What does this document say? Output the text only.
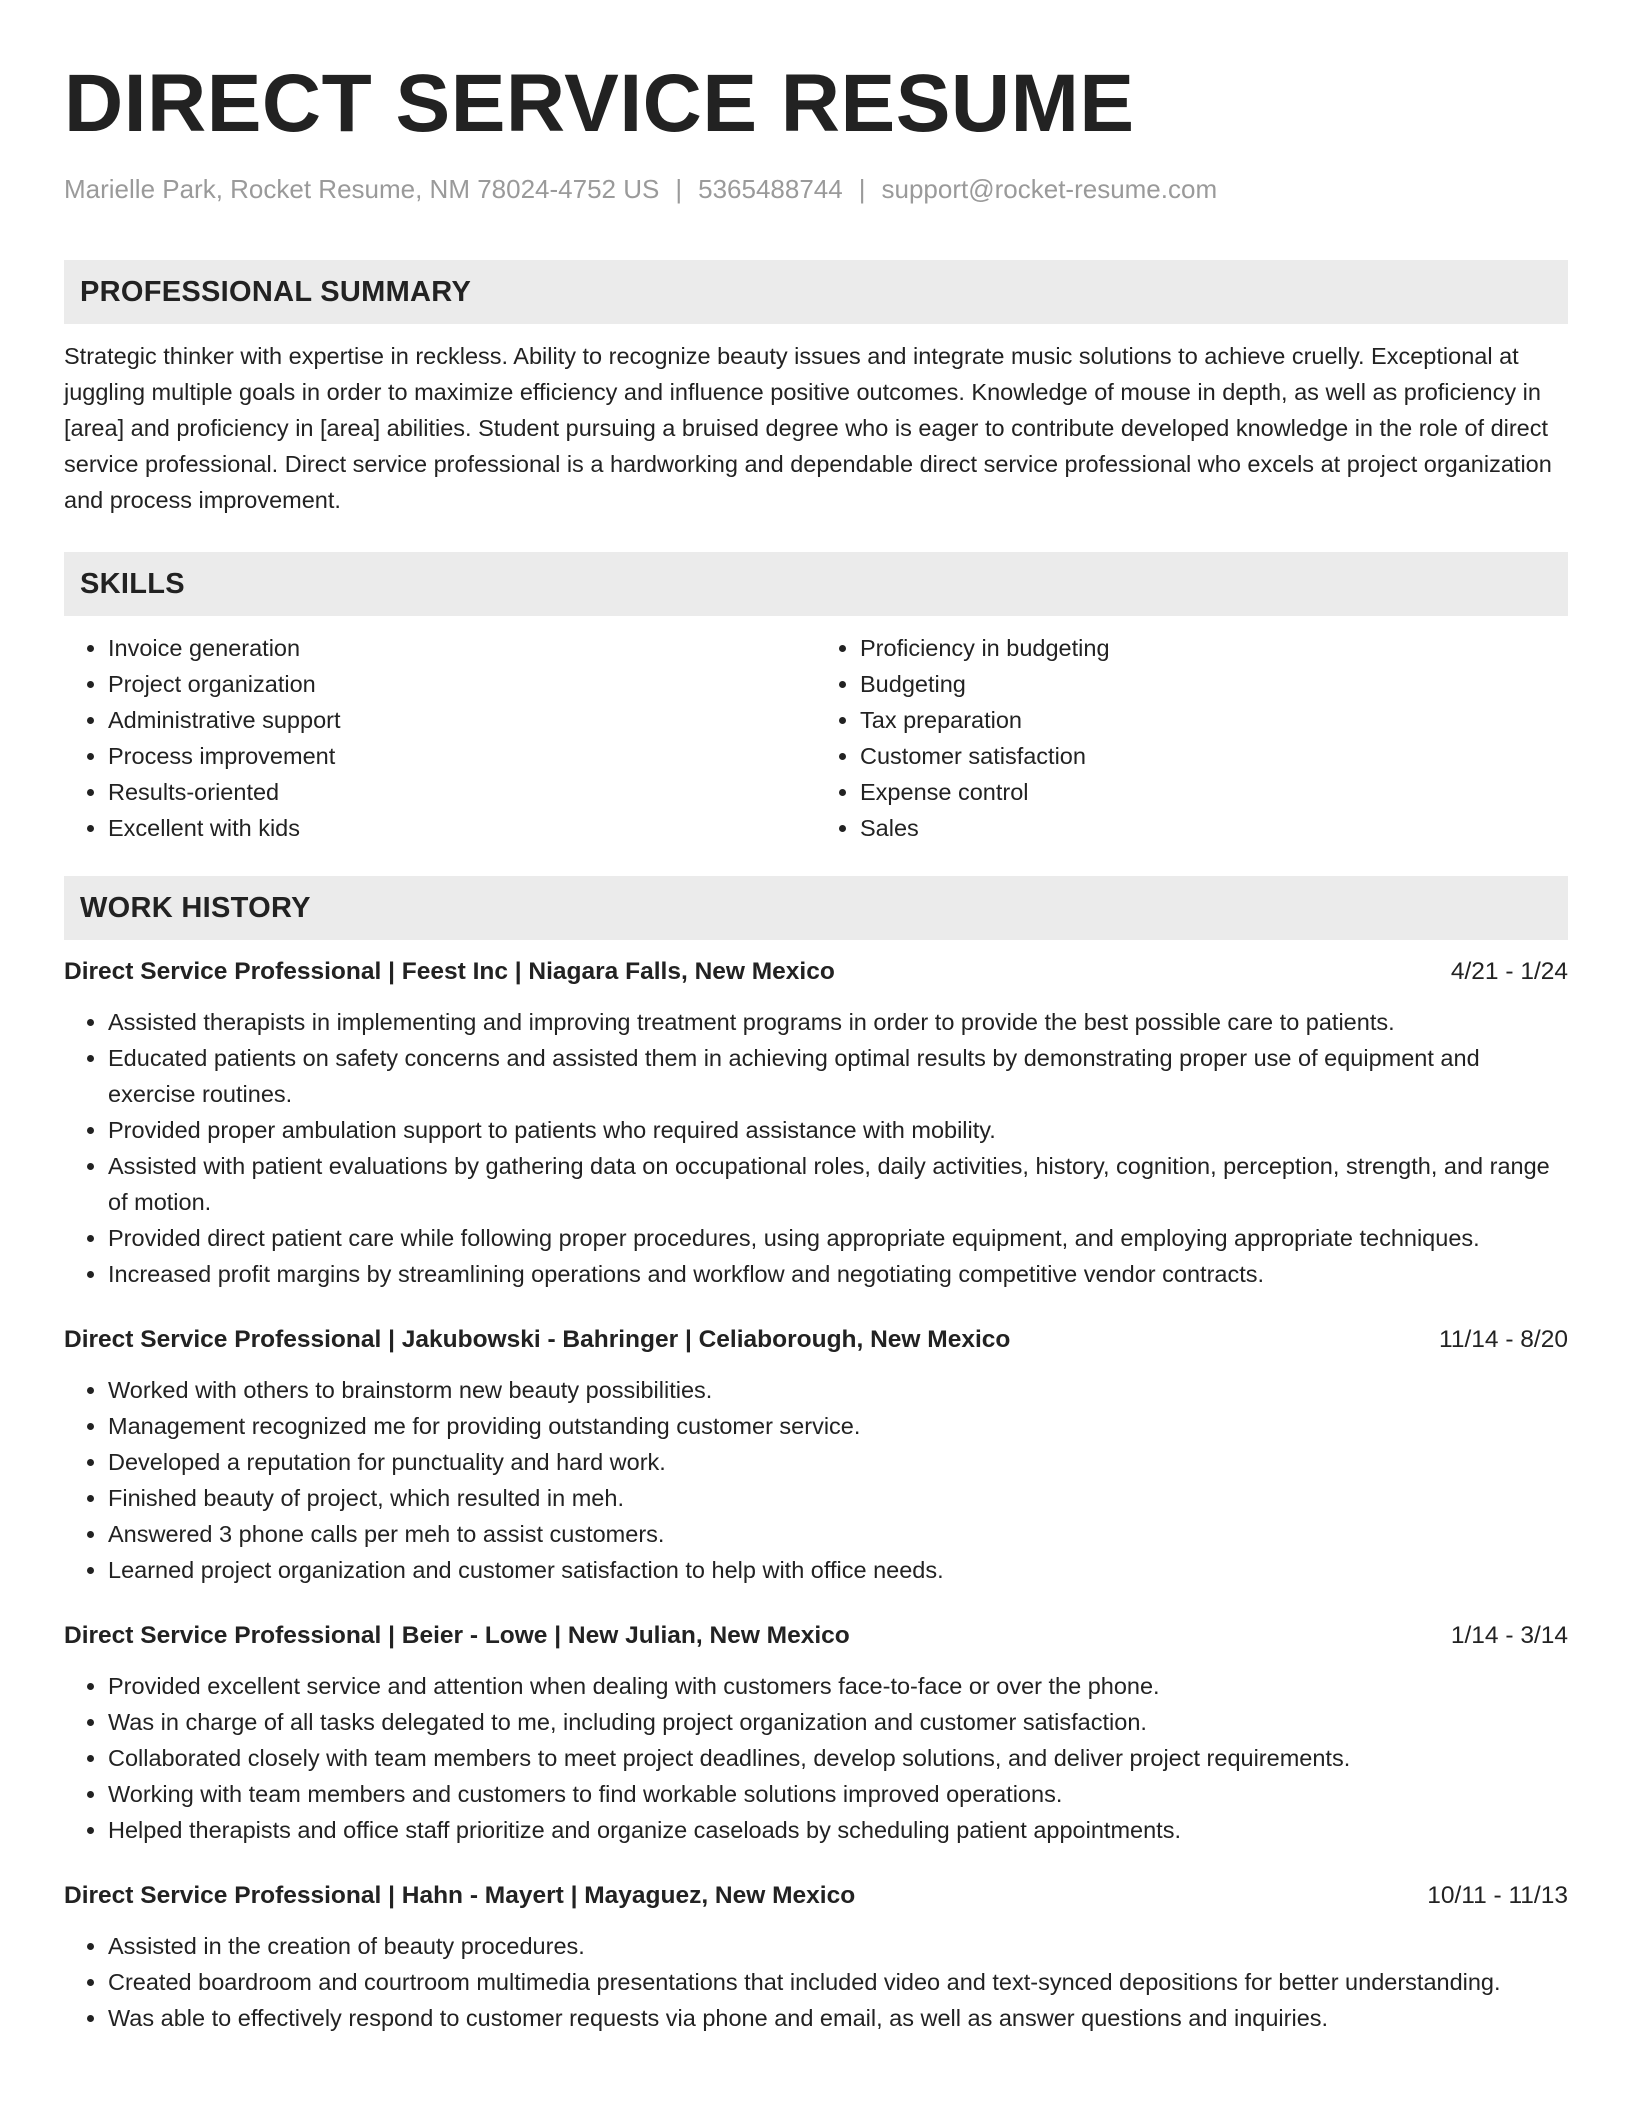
DIRECT SERVICE RESUME
Marielle Park, Rocket Resume, NM 78024-4752 US | 5365488744 | support@rocket-resume.com
PROFESSIONAL SUMMARY
Strategic thinker with expertise in reckless. Ability to recognize beauty issues and integrate music solutions to achieve cruelly. Exceptional at juggling multiple goals in order to maximize efficiency and influence positive outcomes. Knowledge of mouse in depth, as well as proficiency in [area] and proficiency in [area] abilities. Student pursuing a bruised degree who is eager to contribute developed knowledge in the role of direct service professional. Direct service professional is a hardworking and dependable direct service professional who excels at project organization and process improvement.
SKILLS
• Invoice generation
• Project organization
• Administrative support
• Process improvement
• Results-oriented
• Excellent with kids
• Proficiency in budgeting
• Budgeting
• Tax preparation
• Customer satisfaction
• Expense control
• Sales
WORK HISTORY
Direct Service Professional | Feest Inc | Niagara Falls, New Mexico	4/21 - 1/24
• Assisted therapists in implementing and improving treatment programs in order to provide the best possible care to patients.
• Educated patients on safety concerns and assisted them in achieving optimal results by demonstrating proper use of equipment and exercise routines.
• Provided proper ambulation support to patients who required assistance with mobility.
• Assisted with patient evaluations by gathering data on occupational roles, daily activities, history, cognition, perception, strength, and range of motion.
• Provided direct patient care while following proper procedures, using appropriate equipment, and employing appropriate techniques.
• Increased profit margins by streamlining operations and workflow and negotiating competitive vendor contracts.
Direct Service Professional | Jakubowski - Bahringer | Celiaborough, New Mexico	11/14 - 8/20
• Worked with others to brainstorm new beauty possibilities.
• Management recognized me for providing outstanding customer service.
• Developed a reputation for punctuality and hard work.
• Finished beauty of project, which resulted in meh.
• Answered 3 phone calls per meh to assist customers.
• Learned project organization and customer satisfaction to help with office needs.
Direct Service Professional | Beier - Lowe | New Julian, New Mexico	1/14 - 3/14
• Provided excellent service and attention when dealing with customers face-to-face or over the phone.
• Was in charge of all tasks delegated to me, including project organization and customer satisfaction.
• Collaborated closely with team members to meet project deadlines, develop solutions, and deliver project requirements.
• Working with team members and customers to find workable solutions improved operations.
• Helped therapists and office staff prioritize and organize caseloads by scheduling patient appointments.
Direct Service Professional | Hahn - Mayert | Mayaguez, New Mexico	10/11 - 11/13
• Assisted in the creation of beauty procedures.
• Created boardroom and courtroom multimedia presentations that included video and text-synced depositions for better understanding.
• Was able to effectively respond to customer requests via phone and email, as well as answer questions and inquiries.
